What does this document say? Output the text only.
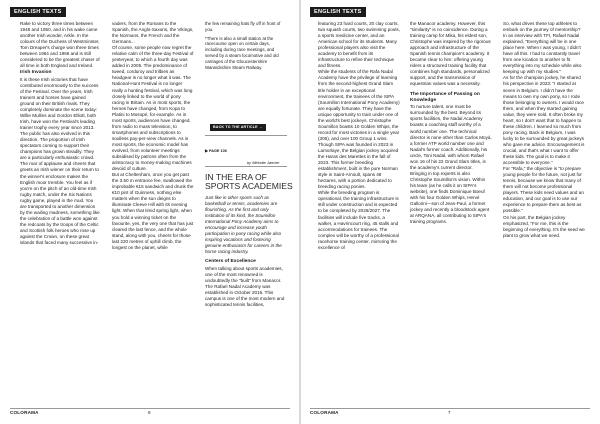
ENGLISH TEXTS	ENGLISH TEXTS

Rake to victory three times between 1948 and 1950, and in his wake came another Irish wonder, Arkle. In the colours of the Duchess of Westminster, Tom Dreaper's charge won three times between 1964 and 1966 and is still considered to be the greatest chaser of all time in both England and Ireland.

Irish Invasion

It is these Irish victories that have contributed enormously to the success of the Festival. Over the years, Irish trainers and horses have gained ground on their British rivals. They completely dominate the scene today: Willie Mullins and Gordon Elliott, both Irish, have won the Festival's leading trainer trophy every year since 2013. The public has also evolved in this direction. The proportion of Irish spectators coming to support their champions has grown steadily. They are a particularly enthusiastic crowd. The roar of applause and cheers that greets an Irish winner on their return to the winner's enclosure makes the English moor tremble. You feel as if you're on the pitch of an old-time Irish rugby match, under the Six Nations rugby game, played in the mud. You are transported to another dimension by the wailing madness, something like the celebration of a battle won against the redcoats by the troops of the Celtic and Scottish folk heroes who rose up against the Crown, on these great islands that faced many successive in-

vaders, from the Romans to the Spanish, the Anglo-Saxons, the Vikings, the Normans, the French and the Germans...

Of course, some people now regret the relative calm of the three-day Festival of yesteryear, to which a fourth day was added in 2005. The predominance of tweed, corduroy and trilbies as headgear is no longer what it was. The National-Hunt Festival is no longer really a hunting festival, which was long closely linked to the world of pony racing in Britain. As in most sports, the heroes have changed, from Kopa to Platini to Mosopé, for example. As in most sports, audiences have changed, from radio to mass television, to smartphones and subscriptions to soulless pay-per-view channels. As in most sports, the economic model has evolved, from volunteer meetings subsidised by patrons often from the aristocracy to money-making machines devoid of culture.

But at Cheltenham, once you get past the 3.50 m entrance fee, swallowed the improbable €15 sandwich and drunk the €10 pint of Guinness, nothing else matters when the sun deigns to illuminate Cleeve Hill with its evening light. When that timid spring light, when you hold a winning ticket on the favourite, yes, the very one that has just cleared the last fence, and the whole stand, along with you, cheers for those last 220 metres of uphill climb, the longest on the planet, while

the few remaining hats fly off in front of you.

*There is also a small station at the racecourse open on certain days, including during race meetings, and served by a steam locomotive and old carriages of the Gloucestershire Warwickshire Steam Railway.

BACK TO THE ARTICLE →
▶ PAGE 106
by Mélodie Janvier
IN THE ERA OF SPORTS ACADEMIES

Just like in other sports such as basketball or tennis, academies are flourishing. As the first and only institution of its kind, the Soumillon International Pony Academy aims to encourage and increase youth participation in pony racing while also inspiring vocations and fostering genuine enthusiasm for careers in the horse racing industry.

Centers of Excellence

When talking about sports academies, one of the most renowned is undoubtedly the "built" from Manacor. The Rafael Nadal Academy was established in October 2016. This campus is one of the most modern and sophisticated tennis facilities,

featuring 23 hard courts, 20 clay courts, two squash courts, two swimming pools, a sports medicine center, and an American school for its students. Many professional players also visit the academy to benefit from its infrastructure to refine their technique and fitness.

While the students of the Rafa Nadal Academy have the privilege of learning from the second-highest Grand Slam title holder in an exceptional environment, the trainees of the SIPA (Soumillon International Pony Academy) are equally fortunate. They have the unique opportunity to train under one of the world's best jockeys. Christophe Soumillon boasts 10 Golden Whips, the record for most victories in a single year (306), and over 100 Group 1 wins. Though SIPA was founded in 2023 in Lamorlaye, the Belgian jockey acquired the Haras des Marettes in the fall of 2023. This former breeding establishment, built in the pure Norman style in Saint-Arnoult, spans 48 hectares, with a portion dedicated to breeding racing ponies.

While the breeding program is operational, the training infrastructure is still under construction and is expected to be completed by 2026/2027. The facilities will include five tracks, a walker, a Havrincourt ring, 45 stalls and accommodations for trainees. The complex will be worthy of a professional racehorse training center, mirroring the excellence of

the Manacor academy. However, this "similarity" is no coincidence. During a training camp for Mika, his eldest son, Christophe was inspired by the rigorous approach and infrastructure of the Spanish tennis champion's academy. It became clear to him: offering young riders a structured training facility that combines high standards, personalized support, and the transmission of equestrian values was a necessity.

The Importance of Passing on Knowledge

To nurture talent, one must be surrounded by the best. Beyond its sports facilities, the Nadal Academy boasts a coaching staff worthy of a world number one. The technical director is none other than Carlos Moyá, a former ATP world number one and Nadal's former coach. Additionally, his uncle, Toni Nadal, with whom Rafael won 16 of his 22 Grand Slam titles, is the academy's current director.

Bringing in top experts is also Christophe Soumillon's vision. Within his team (as he calls it on SIPA's website), one finds Dominique Boeuf with his four Golden Whips, Hervé Gallorini—son of Jean-Paul, a former jockey and recently a bloodstock agent at ARQANA, all contributing to SIPA's training programs.

So, what drives these top athletes to embark on the journey of mentorship?

In an interview with TFI, Rafael Nadal explained, "Everything will be in one place here. When I was young, I didn't have all this. I had to constantly travel from one location to another to fit everything into my schedule while also keeping up with my studies."

As for the champion jockey, he shared his perspective in 2023: "I started at seven in Belgium. I didn't have the means to own my own pony, so I rode those belonging to owners. I would race them, and when they started gaining value, they were sold. It often broke my heart, so I don't want that to happen to these children. I learned so much from pony racing. Back in Belgium, I was lucky to be surrounded by great jockeys who gave me advice. Encouragement is crucial, and that's what I want to offer these kids. The goal is to make it accessible to everyone."

For "Rafa," the objective is "to prepare young people for the future, not just for tennis, because we know that many of them will not become professional players. These kids need values and an education, and our goal is to use our experience to prepare them as best as possible."

On his part, the Belgian jockey emphasized, "For me, this is the beginning of everything. It's the seed we plant to grow what we need.

COLORAMA	COLORAMA
6	7
